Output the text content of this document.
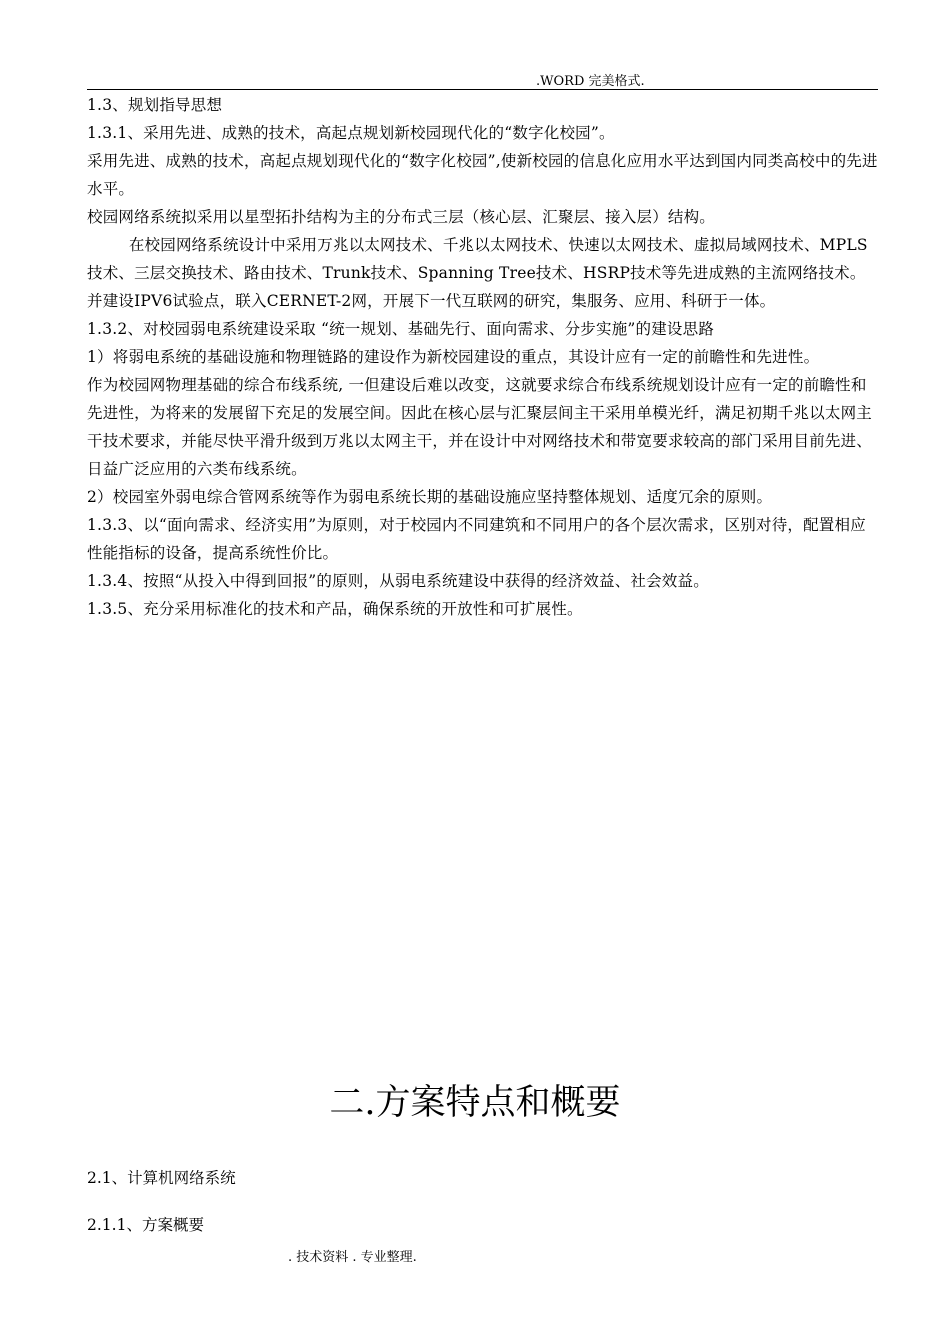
.WORD 完美格式.

1.3、规划指导思想

1.3.1、采用先进、成熟的技术，高起点规划新校园现代化的“数字化校园”。

采用先进、成熟的技术，高起点规划现代化的“数字化校园”,使新校园的信息化应用水平达到国内同类高校中的先进水平。

校园网络系统拟采用以星型拓扑结构为主的分布式三层（核心层、汇聚层、接入层）结构。

在校园网络系统设计中采用万兆以太网技术、千兆以太网技术、快速以太网技术、虚拟局域网技术、MPLS技术、三层交换技术、路由技术、Trunk技术、Spanning Tree技术、HSRP技术等先进成熟的主流网络技术。并建设IPV6试验点，联入CERNET-2网，开展下一代互联网的研究，集服务、应用、科研于一体。

1.3.2、对校园弱电系统建设采取 “统一规划、基础先行、面向需求、分步实施”的建设思路

1）将弱电系统的基础设施和物理链路的建设作为新校园建设的重点，其设计应有一定的前瞻性和先进性。

作为校园网物理基础的综合布线系统, 一但建设后难以改变，这就要求综合布线系统规划设计应有一定的前瞻性和先进性，为将来的发展留下充足的发展空间。因此在核心层与汇聚层间主干采用单模光纤，满足初期千兆以太网主干技术要求，并能尽快平滑升级到万兆以太网主干，并在设计中对网络技术和带宽要求较高的部门采用目前先进、日益广泛应用的六类布线系统。

2）校园室外弱电综合管网系统等作为弱电系统长期的基础设施应坚持整体规划、适度冗余的原则。

1.3.3、以“面向需求、经济实用”为原则，对于校园内不同建筑和不同用户的各个层次需求，区别对待，配置相应性能指标的设备，提高系统性价比。

1.3.4、按照“从投入中得到回报”的原则，从弱电系统建设中获得的经济效益、社会效益。

1.3.5、充分采用标准化的技术和产品，确保系统的开放性和可扩展性。

二.方案特点和概要
2.1、计算机网络系统
2.1.1、方案概要
. 技术资料 . 专业整理.
